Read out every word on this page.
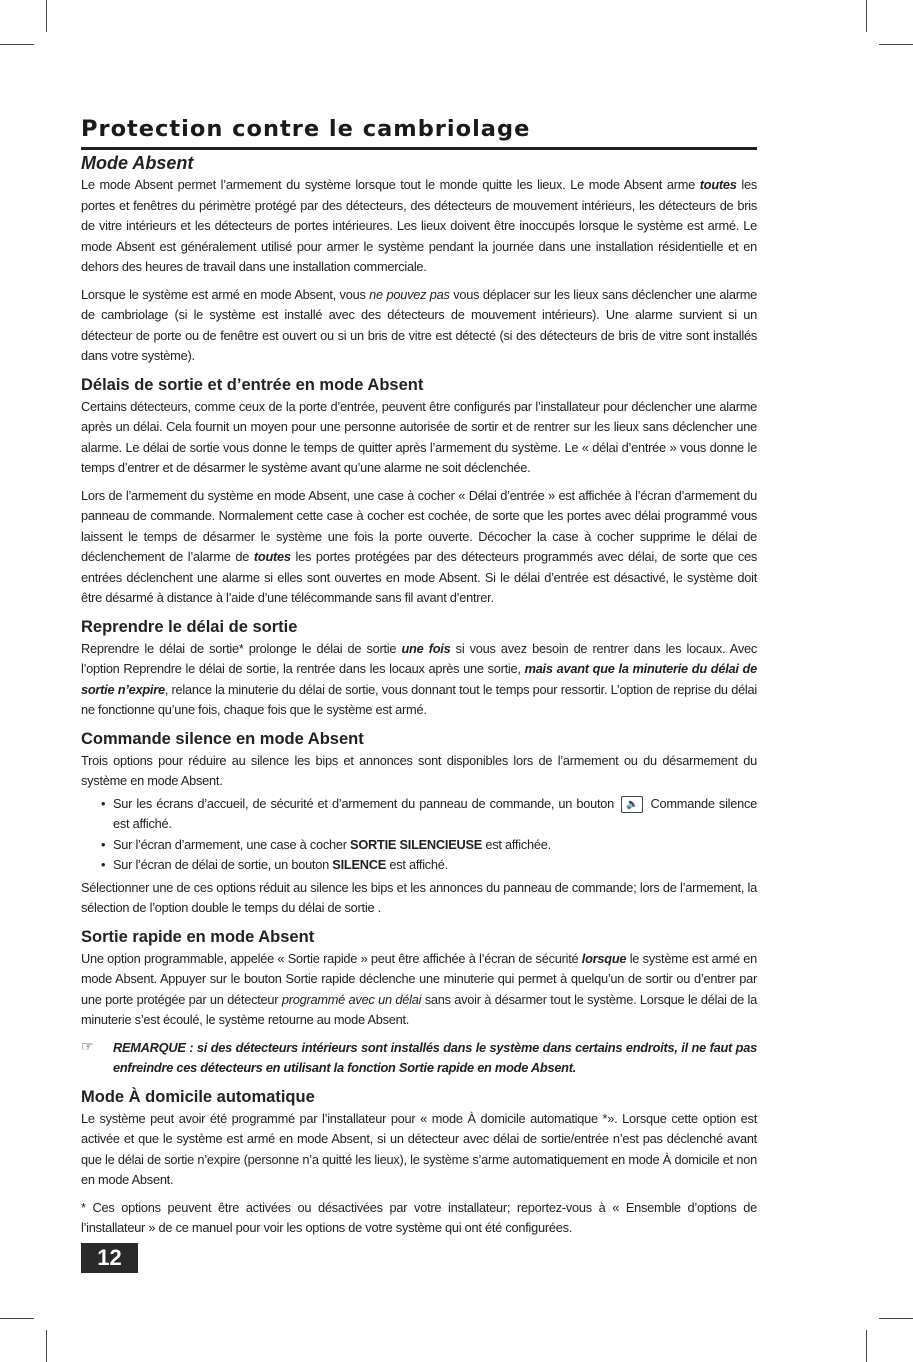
Protection contre le cambriolage
Mode Absent

Le mode Absent permet l’armement du système lorsque tout le monde quitte les lieux. Le mode Absent arme toutes les portes et fenêtres du périmètre protégé par des détecteurs, des détecteurs de mouvement intérieurs, les détecteurs de bris de vitre intérieurs et les détecteurs de portes intérieures. Les lieux doivent être inoccupés lorsque le système est armé. Le mode Absent est généralement utilisé pour armer le système pendant la journée dans une installation résidentielle et en dehors des heures de travail dans une installation commerciale.

Lorsque le système est armé en mode Absent, vous ne pouvez pas vous déplacer sur les lieux sans déclencher une alarme de cambriolage (si le système est installé avec des détecteurs de mouvement intérieurs). Une alarme survient si un détecteur de porte ou de fenêtre est ouvert ou si un bris de vitre est détecté (si des détecteurs de bris de vitre sont installés dans votre système).

Délais de sortie et d’entrée en mode Absent

Certains détecteurs, comme ceux de la porte d’entrée, peuvent être configurés par l’installateur pour déclencher une alarme après un délai. Cela fournit un moyen pour une personne autorisée de sortir et de rentrer sur les lieux sans déclencher une alarme. Le délai de sortie vous donne le temps de quitter après l’armement du système. Le « délai d’entrée » vous donne le temps d’entrer et de désarmer le système avant qu’une alarme ne soit déclenchée.

Lors de l’armement du système en mode Absent, une case à cocher « Délai d’entrée » est affichée à l’écran d’armement du panneau de commande. Normalement cette case à cocher est cochée, de sorte que les portes avec délai programmé vous laissent le temps de désarmer le système une fois la porte ouverte. Décocher la case à cocher supprime le délai de déclenchement de l’alarme de toutes les portes protégées par des détecteurs programmés avec délai, de sorte que ces entrées déclenchent une alarme si elles sont ouvertes en mode Absent. Si le délai d’entrée est désactivé, le système doit être désarmé à distance à l’aide d’une télécommande sans fil avant d’entrer.

Reprendre le délai de sortie

Reprendre le délai de sortie* prolonge le délai de sortie une fois si vous avez besoin de rentrer dans les locaux. Avec l’option Reprendre le délai de sortie, la rentrée dans les locaux après une sortie, mais avant que la minuterie du délai de sortie n’expire, relance la minuterie du délai de sortie, vous donnant tout le temps pour ressortir. L’option de reprise du délai ne fonctionne qu’une fois, chaque fois que le système est armé.

Commande silence en mode Absent

Trois options pour réduire au silence les bips et annonces sont disponibles lors de l’armement ou du désarmement du système en mode Absent.

• Sur les écrans d’accueil, de sécurité et d’armement du panneau de commande, un bouton 🔈 Commande silence est affiché.
• Sur l’écran d’armement, une case à cocher SORTIE SILENCIEUSE est affichée.
• Sur l’écran de délai de sortie, un bouton SILENCE est affiché.

Sélectionner une de ces options réduit au silence les bips et les annonces du panneau de commande; lors de l’armement, la sélection de l’option double le temps du délai de sortie .

Sortie rapide en mode Absent

Une option programmable, appelée « Sortie rapide » peut être affichée à l’écran de sécurité lorsque le système est armé en mode Absent. Appuyer sur le bouton Sortie rapide déclenche une minuterie qui permet à quelqu’un de sortir ou d’entrer par une porte protégée par un détecteur programmé avec un délai sans avoir à désarmer tout le système. Lorsque le délai de la minuterie s’est écoulé, le système retourne au mode Absent.

☞ REMARQUE : si des détecteurs intérieurs sont installés dans le système dans certains endroits, il ne faut pas enfreindre ces détecteurs en utilisant la fonction Sortie rapide en mode Absent.

Mode À domicile automatique

Le système peut avoir été programmé par l’installateur pour « mode À domicile automatique *». Lorsque cette option est activée et que le système est armé en mode Absent, si un détecteur avec délai de sortie/entrée n’est pas déclenché avant que le délai de sortie n’expire (personne n’a quitté les lieux), le système s’arme automatiquement en mode À domicile et non en mode Absent.

* Ces options peuvent être activées ou désactivées par votre installateur; reportez-vous à « Ensemble d’options de l’installateur » de ce manuel pour voir les options de votre système qui ont été configurées.

12
